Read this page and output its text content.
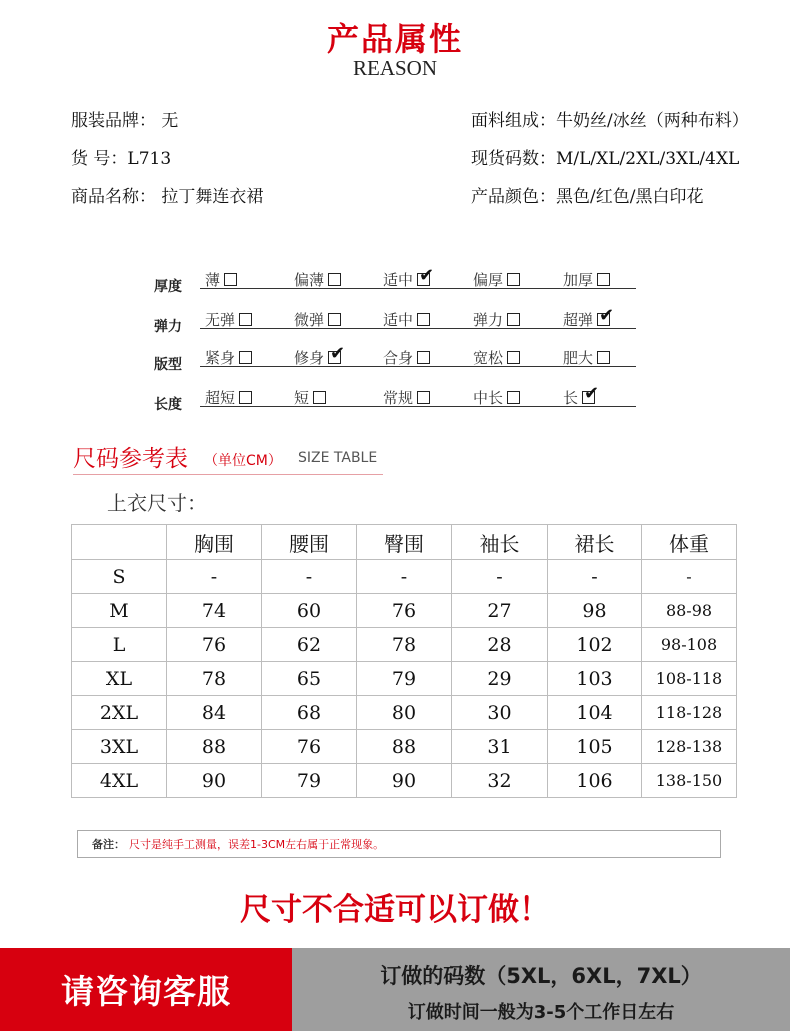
产品属性
REASON
服装品牌： 无
货 号：L713
商品名称： 拉丁舞连衣裙
面料组成：牛奶丝/冰丝（两种布料）
现货码数：M/L/XL/2XL/3XL/4XL
产品颜色：黑色/红色/黑白印花
厚度 薄	偏薄	适中 ✔	偏厚	加厚
弹力 无弹	微弹	适中	弹力	超弹 ✔
版型 紧身	修身 ✔	合身	宽松	肥大
长度 超短	短	常规	中长	长 ✔
尺码参考表 （单位CM） SIZE TABLE
上衣尺寸：
	胸围	腰围	臀围	袖长	裙长	体重
S	-	-	-	-	-	-
M	74	60	76	27	98	88-98
L	76	62	78	28	102	98-108
XL	78	65	79	29	103	108-118
2XL	84	68	80	30	104	118-128
3XL	88	76	88	31	105	128-138
4XL	90	79	90	32	106	138-150
备注： 尺寸是纯手工测量，误差1-3CM左右属于正常现象。
尺寸不合适可以订做！
请咨询客服	订做的码数（5XL，6XL，7XL）
订做时间一般为3-5个工作日左右
